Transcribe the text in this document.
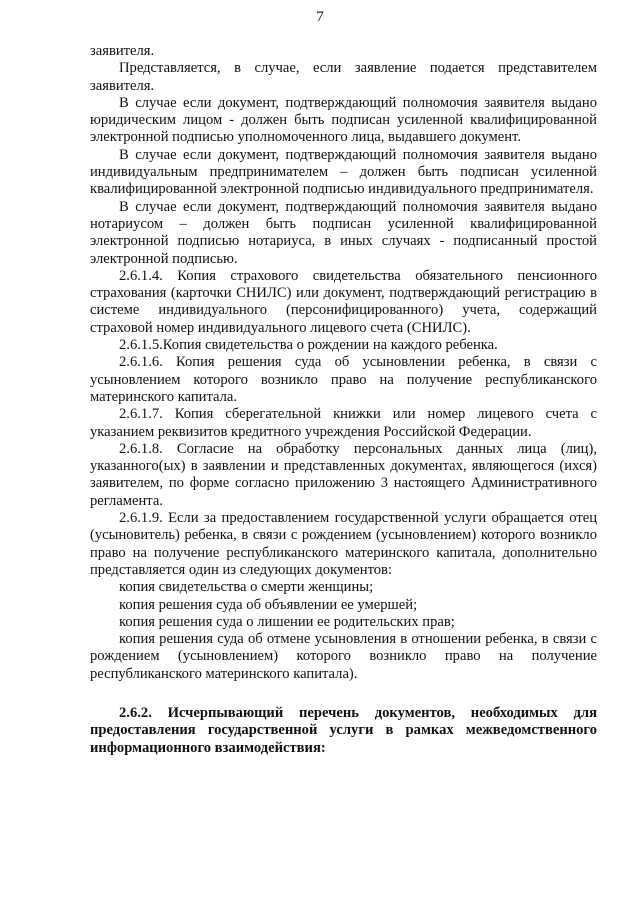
7

заявителя.

Представляется, в случае, если заявление подается представителем заявителя.

В случае если документ, подтверждающий полномочия заявителя выдано юридическим лицом - должен быть подписан усиленной квалифицированной электронной подписью уполномоченного лица, выдавшего документ.

В случае если документ, подтверждающий полномочия заявителя выдано индивидуальным предпринимателем – должен быть подписан усиленной квалифицированной электронной подписью индивидуального предпринимателя.

В случае если документ, подтверждающий полномочия заявителя выдано нотариусом – должен быть подписан усиленной квалифицированной электронной подписью нотариуса, в иных случаях - подписанный простой электронной подписью.

2.6.1.4. Копия страхового свидетельства обязательного пенсионного страхования (карточки СНИЛС) или документ, подтверждающий регистрацию в системе индивидуального (персонифицированного) учета, содержащий страховой номер индивидуального лицевого счета (СНИЛС).

2.6.1.5.Копия свидетельства о рождении на каждого ребенка.

2.6.1.6. Копия решения суда об усыновлении ребенка, в связи с усыновлением которого возникло право на получение республиканского материнского капитала.

2.6.1.7. Копия сберегательной книжки или номер лицевого счета с указанием реквизитов кредитного учреждения Российской Федерации.

2.6.1.8. Согласие на обработку персональных данных лица (лиц), указанного(ых) в заявлении и представленных документах, являющегося (ихся) заявителем, по форме согласно приложению 3 настоящего Административного регламента.

2.6.1.9. Если за предоставлением государственной услуги обращается отец (усыновитель) ребенка, в связи с рождением (усыновлением) которого возникло право на получение республиканского материнского капитала, дополнительно представляется один из следующих документов:

копия свидетельства о смерти женщины;

копия решения суда об объявлении ее умершей;

копия решения суда о лишении ее родительских прав;

копия решения суда об отмене усыновления в отношении ребенка, в связи с рождением (усыновлением) которого возникло право на получение республиканского материнского капитала).

2.6.2. Исчерпывающий перечень документов, необходимых для предоставления государственной услуги в рамках межведомственного информационного взаимодействия:
